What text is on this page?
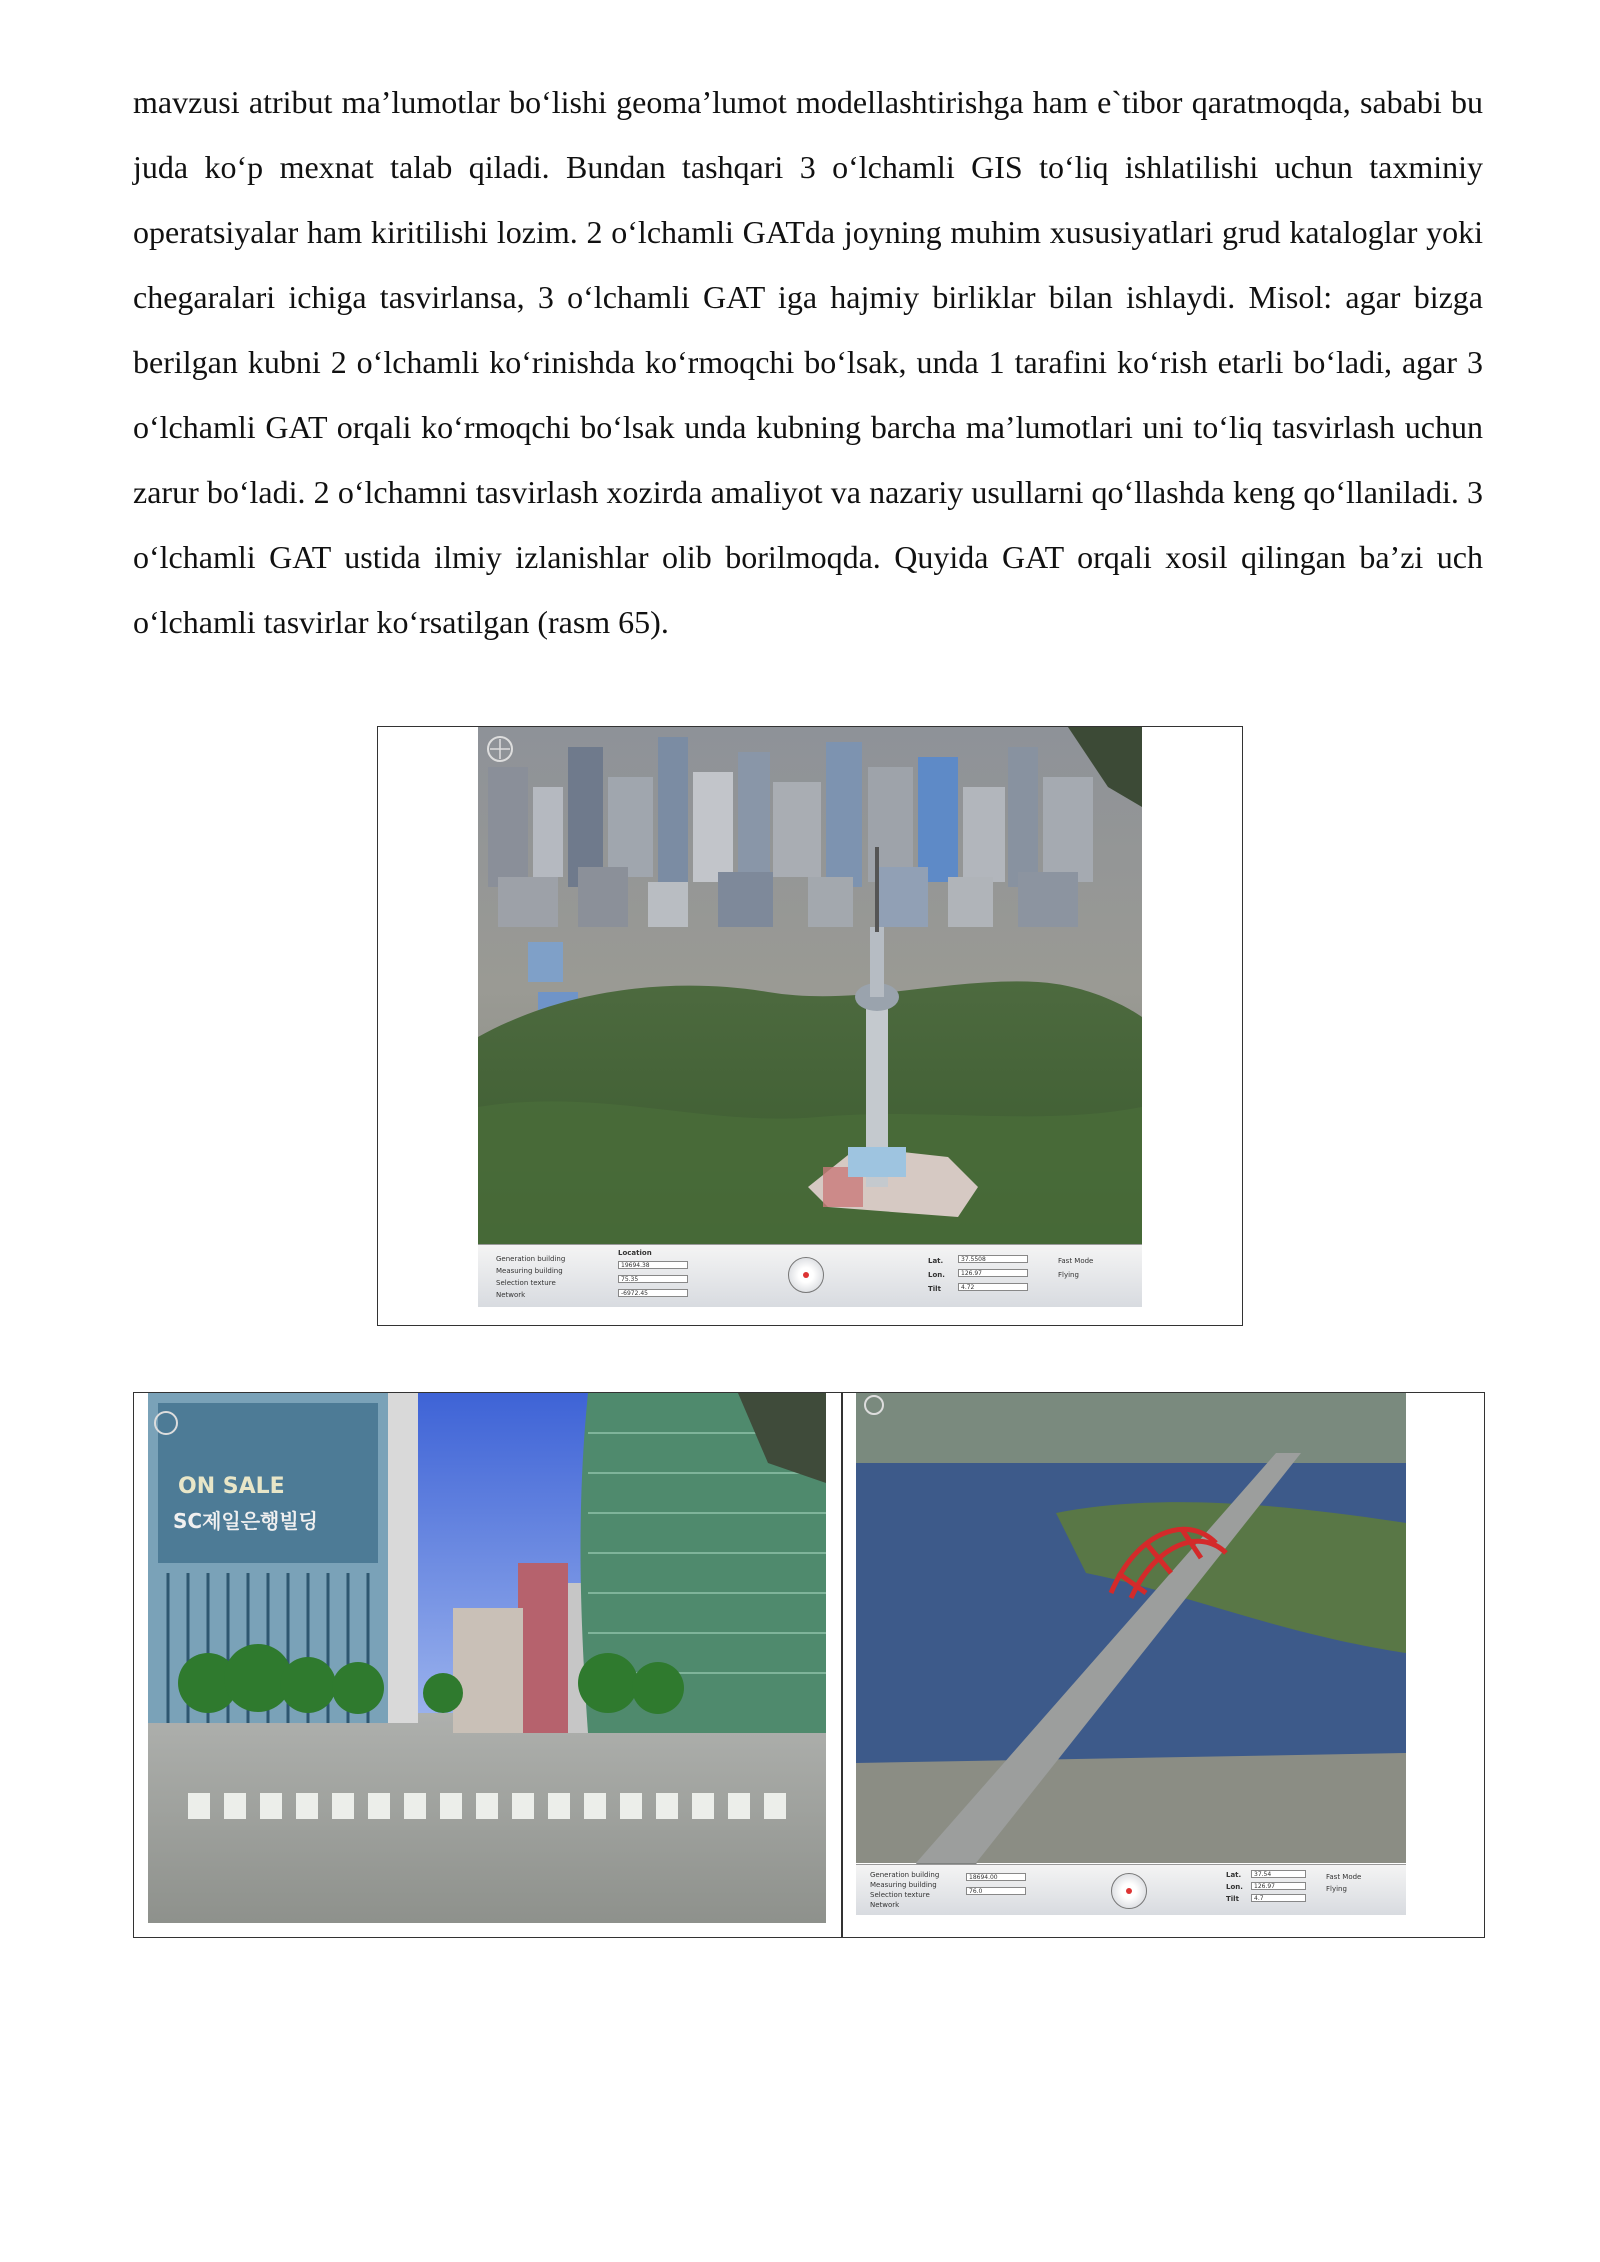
mavzusi atribut ma’lumotlar bo‘lishi geoma’lumot modellashtirishga ham e`tibor qaratmoqda, sababi bu juda ko‘p mexnat talab qiladi. Bundan tashqari 3 o‘lchamli GIS to‘liq ishlatilishi uchun taxminiy operatsiyalar ham kiritilishi lozim. 2 o‘lchamli GATda joyning muhim xususiyatlari grud kataloglar yoki chegaralari ichiga tasvirlansa, 3 o‘lchamli GAT iga hajmiy birliklar bilan ishlaydi. Misol: agar bizga berilgan kubni 2 o‘lchamli ko‘rinishda ko‘rmoqchi bo‘lsak, unda 1 tarafini ko‘rish etarli bo‘ladi, agar 3 o‘lchamli GAT orqali ko‘rmoqchi bo‘lsak unda kubning barcha ma’lumotlari uni to‘liq tasvirlash uchun zarur bo‘ladi. 2 o‘lchamni tasvirlash xozirda amaliyot va nazariy usullarni qo‘llashda keng qo‘llaniladi. 3 o‘lchamli GAT ustida ilmiy izlanishlar olib borilmoqda. Quyida GAT orqali xosil qilingan ba’zi uch o‘lchamli tasvirlar ko‘rsatilgan (rasm 65).
Generation building
Measuring building
Selection texture
Network
Location
19694.38
75.35
-6972.45
Lat.
Lon.
Tilt
37.5508
126.97
4.72
Fast Mode
Flying
ON SALE
SC제일은행빌딩
Generation building
Measuring building
Selection texture
Network
18694.00
76.0
Lat.
Lon.
Tilt
37.54
126.97
4.7
Fast Mode
Flying
